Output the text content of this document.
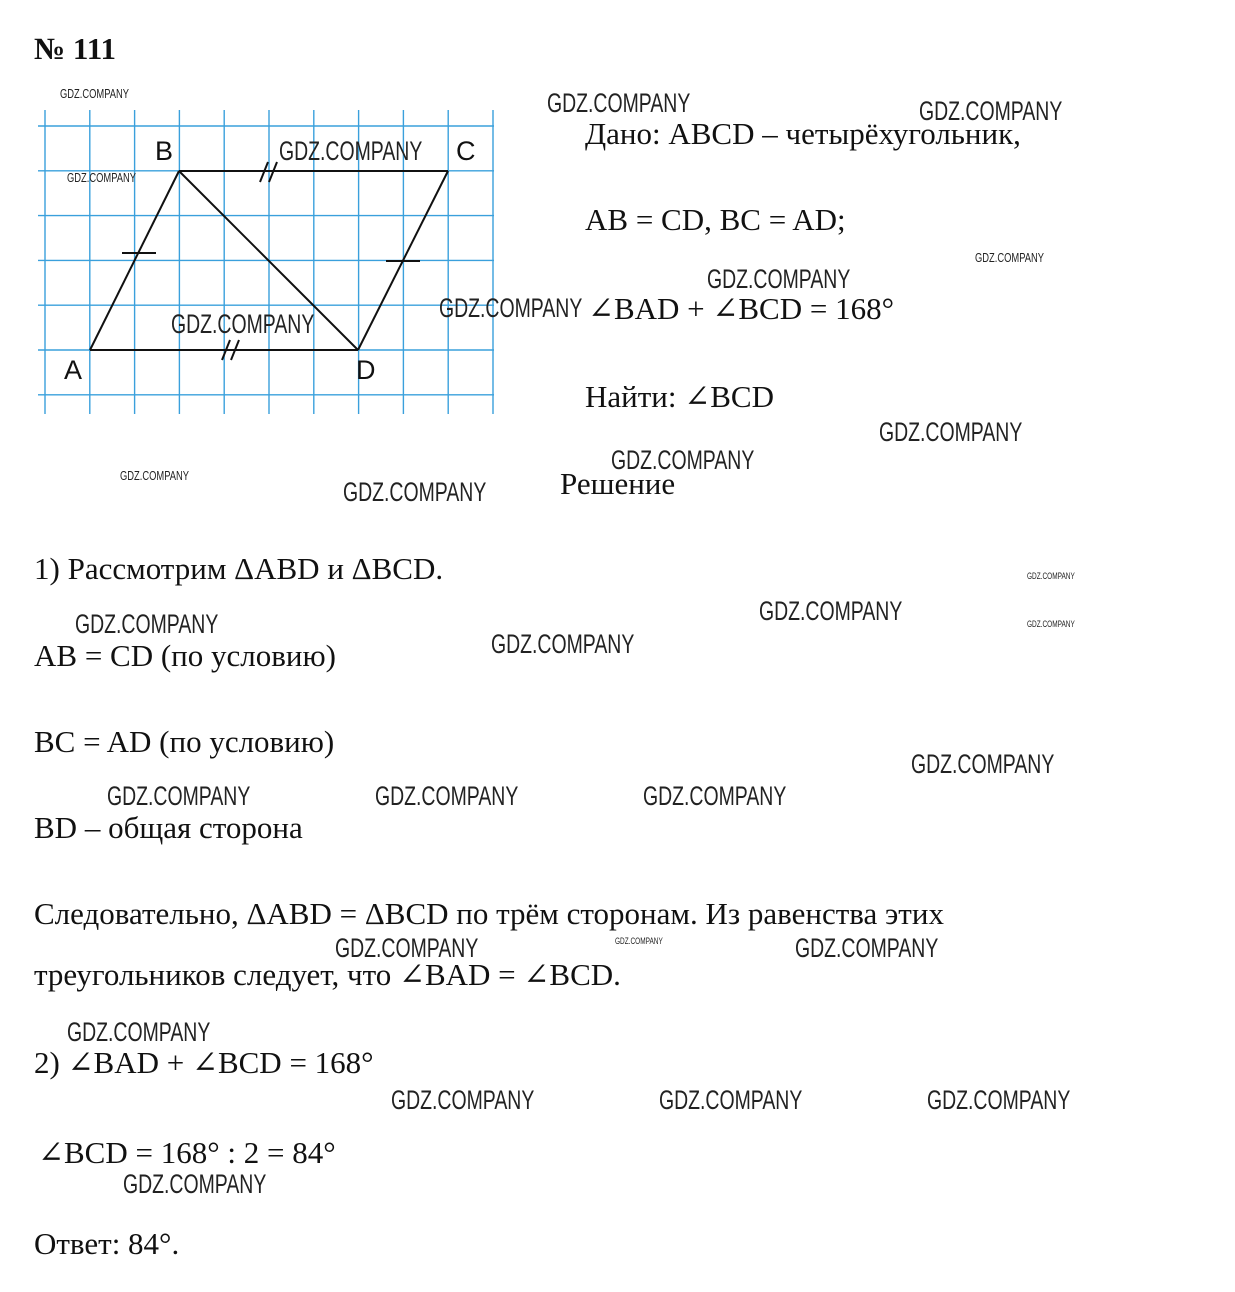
№ 111
B	C
A	D
Дано: ABCD – четырёхугольник,
AB = CD, BC = AD;
∠BAD + ∠BCD = 168°
Найти: ∠BCD
Решение
1) Рассмотрим ΔABD и ΔBCD.
AB = CD (по условию)
BC = AD (по условию)
BD – общая сторона
Следовательно, ΔABD = ΔBCD по трём сторонам. Из равенства этих
треугольников следует, что ∠BAD = ∠BCD.
2) ∠BAD + ∠BCD = 168°
∠BCD = 168° : 2 = 84°
Ответ: 84°.
GDZ.COMPANY
GDZ.COMPANY
GDZ.COMPANY	GDZ.COMPANY
GDZ.COMPANY
GDZ.COMPANY
GDZ.COMPANY
GDZ.COMPANY
GDZ.COMPANY
GDZ.COMPANY
GDZ.COMPANY
GDZ.COMPANY
GDZ.COMPANY
GDZ.COMPANY
GDZ.COMPANY
GDZ.COMPANY	GDZ.COMPANY
GDZ.COMPANY
GDZ.COMPANY
GDZ.COMPANY	GDZ.COMPANY	GDZ.COMPANY
GDZ.COMPANY	GDZ.COMPANY	GDZ.COMPANY
GDZ.COMPANY
GDZ.COMPANY	GDZ.COMPANY	GDZ.COMPANY
GDZ.COMPANY
